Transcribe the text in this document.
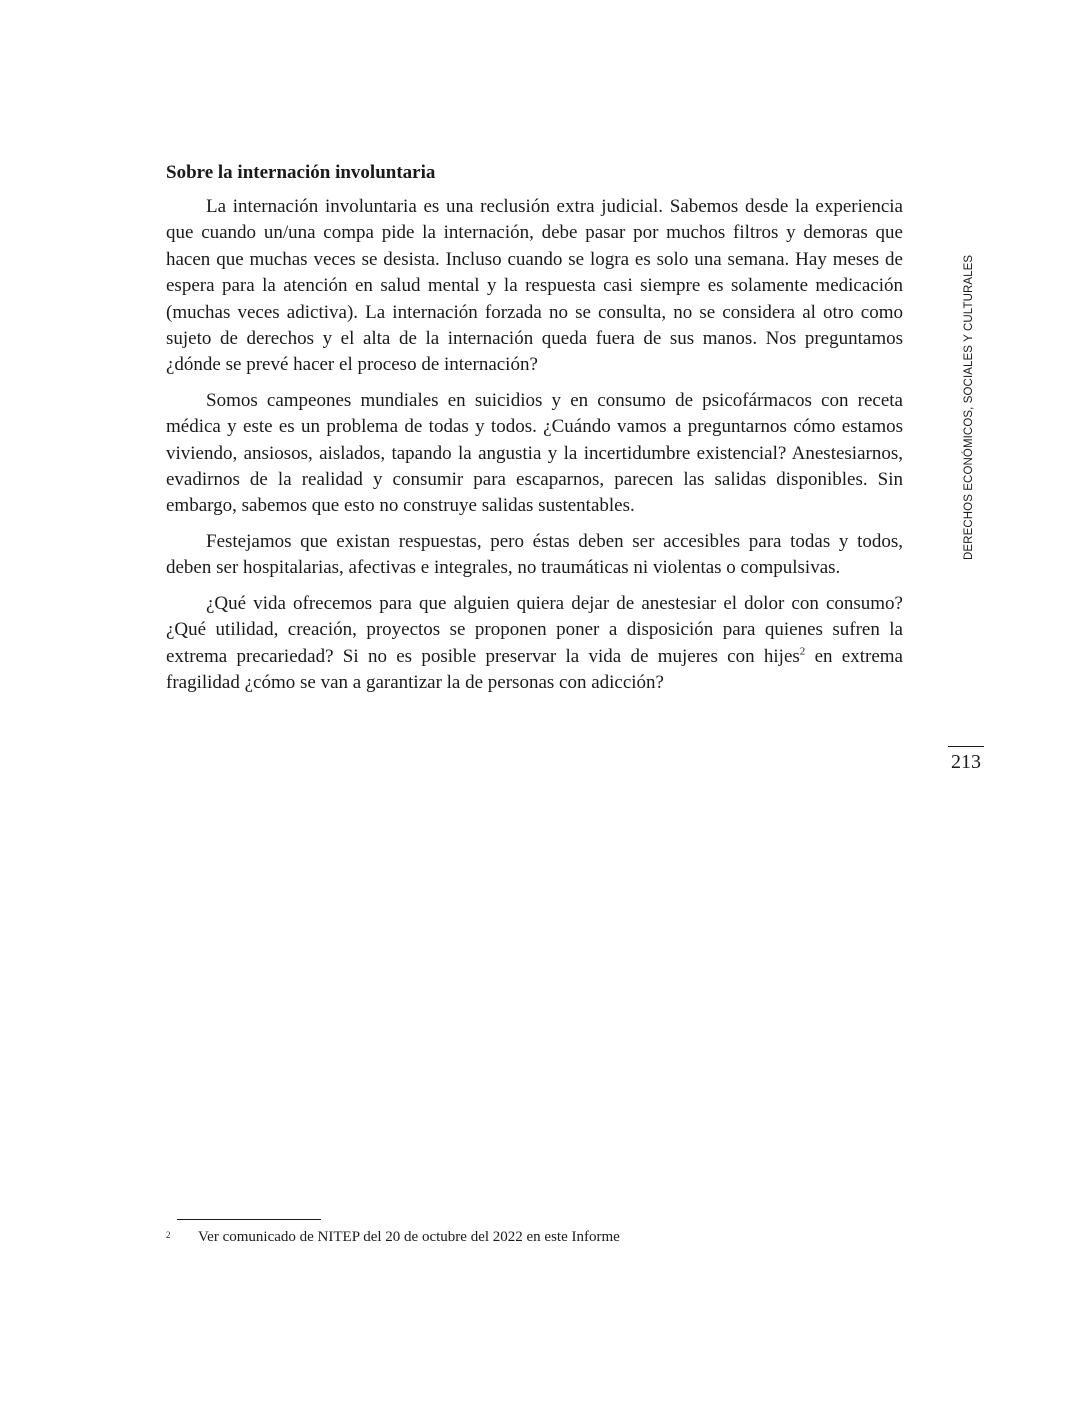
Sobre la internación involuntaria

La internación involuntaria es una reclusión extra judicial. Sabemos desde la experiencia que cuando un/una compa pide la internación, debe pasar por muchos filtros y demoras que hacen que muchas veces se desista. Incluso cuando se logra es solo una semana. Hay meses de espera para la atención en salud mental y la respuesta casi siempre es solamente medicación (muchas veces adictiva). La internación forzada no se consulta, no se considera al otro como sujeto de derechos y el alta de la internación queda fuera de sus manos. Nos preguntamos ¿dónde se prevé hacer el proceso de internación?

Somos campeones mundiales en suicidios y en consumo de psicofármacos con receta médica y este es un problema de todas y todos. ¿Cuándo vamos a preguntarnos cómo estamos viviendo, ansiosos, aislados, tapando la angustia y la incertidumbre existencial? Anestesiarnos, evadirnos de la realidad y consumir para escaparnos, parecen las salidas disponibles. Sin embargo, sabemos que esto no construye salidas sustentables.

Festejamos que existan respuestas, pero éstas deben ser accesibles para todas y todos, deben ser hospitalarias, afectivas e integrales, no traumáticas ni violentas o compulsivas.

¿Qué vida ofrecemos para que alguien quiera dejar de anestesiar el dolor con consumo? ¿Qué utilidad, creación, proyectos se proponen poner a disposición para quienes sufren la extrema precariedad? Si no es posible preservar la vida de mujeres con hijes$^2$ en extrema fragilidad ¿cómo se van a garantizar la de personas con adicción?

DERECHOS ECONÓMICOS, SOCIALES Y CULTURALES
213
2 Ver comunicado de NITEP del 20 de octubre del 2022 en este Informe
